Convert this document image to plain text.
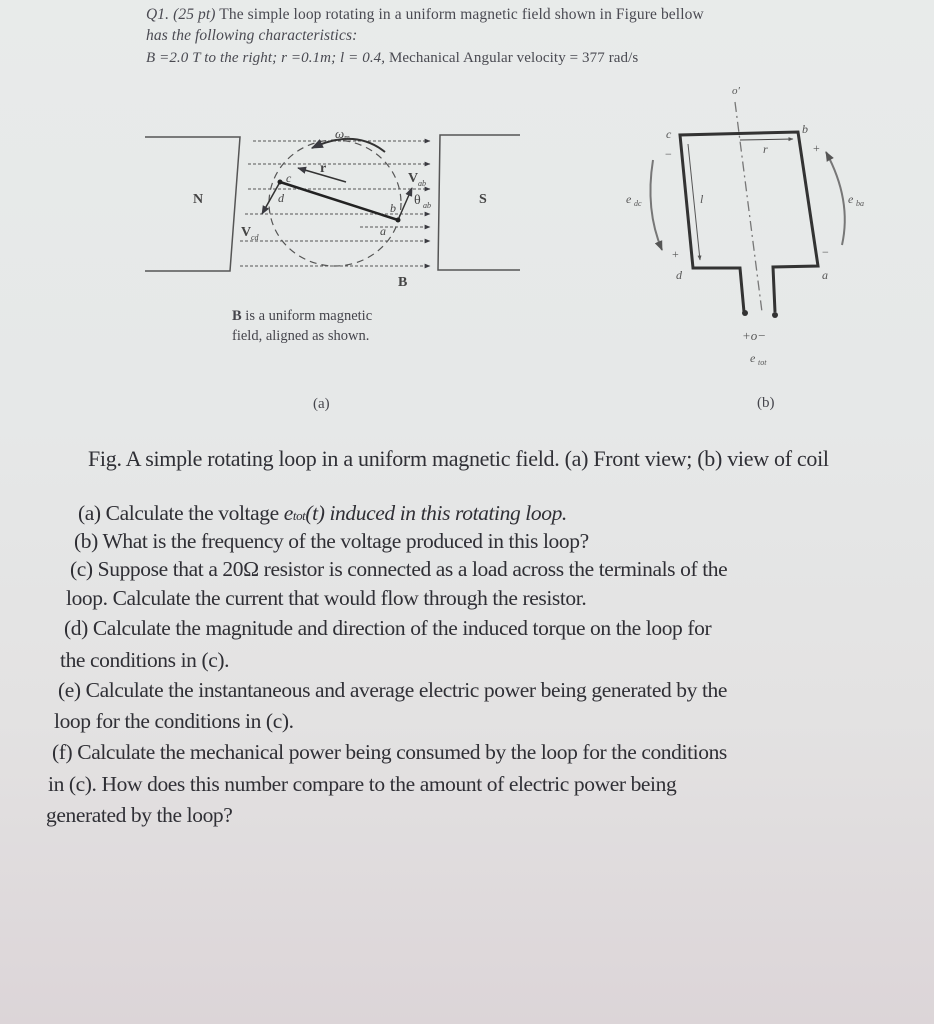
Q1. (25 pt) The simple loop rotating in a uniform magnetic field shown in Figure bellow
has the following characteristics:
B =2.0 T to the right; r =0.1m; l = 0.4, Mechanical Angular velocity = 377 rad/s
N	S
ω m
r
V ab
θ ab
V cd
c
d
b
a
B
B is a uniform magnetic
field, aligned as shown.
o′
c	b
d	a
r
l
e dc	e ba
−	+
+	−
+o−
e tot
(a)	(b)
Fig. A simple rotating loop in a uniform magnetic field. (a) Front view; (b) view of coil
(a) Calculate the voltage etot(t) induced in this rotating loop.
(b) What is the frequency of the voltage produced in this loop?
(c) Suppose that a 20Ω resistor is connected as a load across the terminals of the
loop. Calculate the current that would flow through the resistor.
(d) Calculate the magnitude and direction of the induced torque on the loop for
the conditions in (c).
(e) Calculate the instantaneous and average electric power being generated by the
loop for the conditions in (c).
(f) Calculate the mechanical power being consumed by the loop for the conditions
in (c). How does this number compare to the amount of electric power being
generated by the loop?
